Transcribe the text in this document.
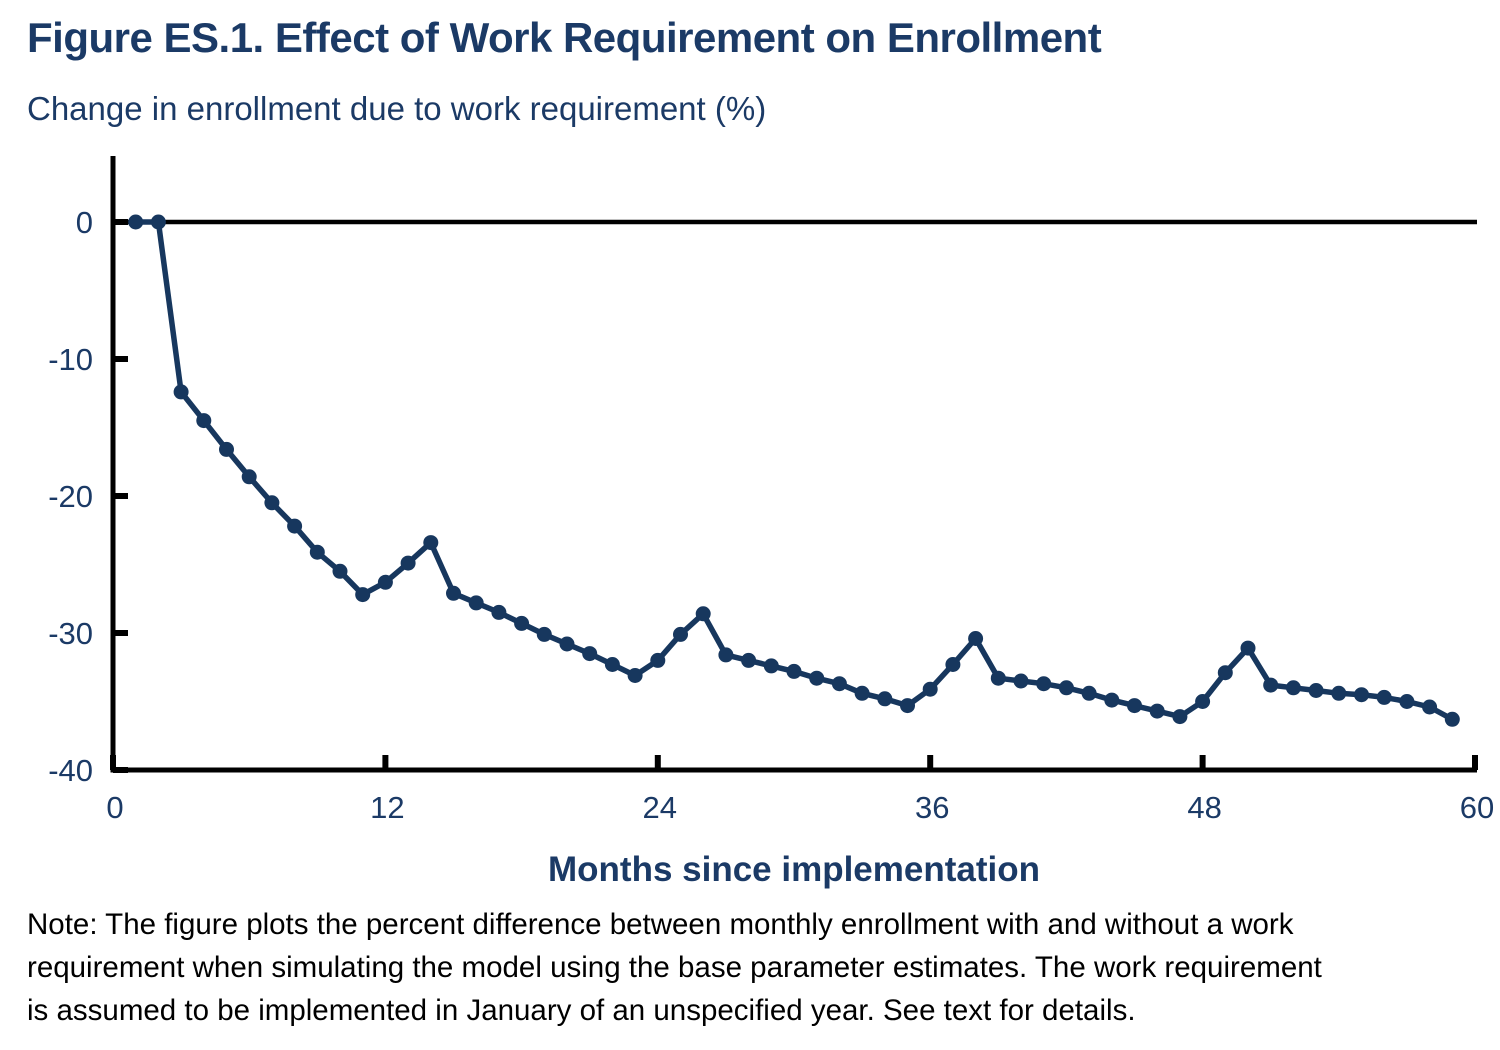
Figure ES.1. Effect of Work Requirement on Enrollment
Change in enrollment due to work requirement (%)
0
-10
-20
-30
-40
0	12	24	36	48	60
Months since implementation
Note: The figure plots the percent difference between monthly enrollment with and without a work
requirement when simulating the model using the base parameter estimates. The work requirement
is assumed to be implemented in January of an unspecified year. See text for details.
